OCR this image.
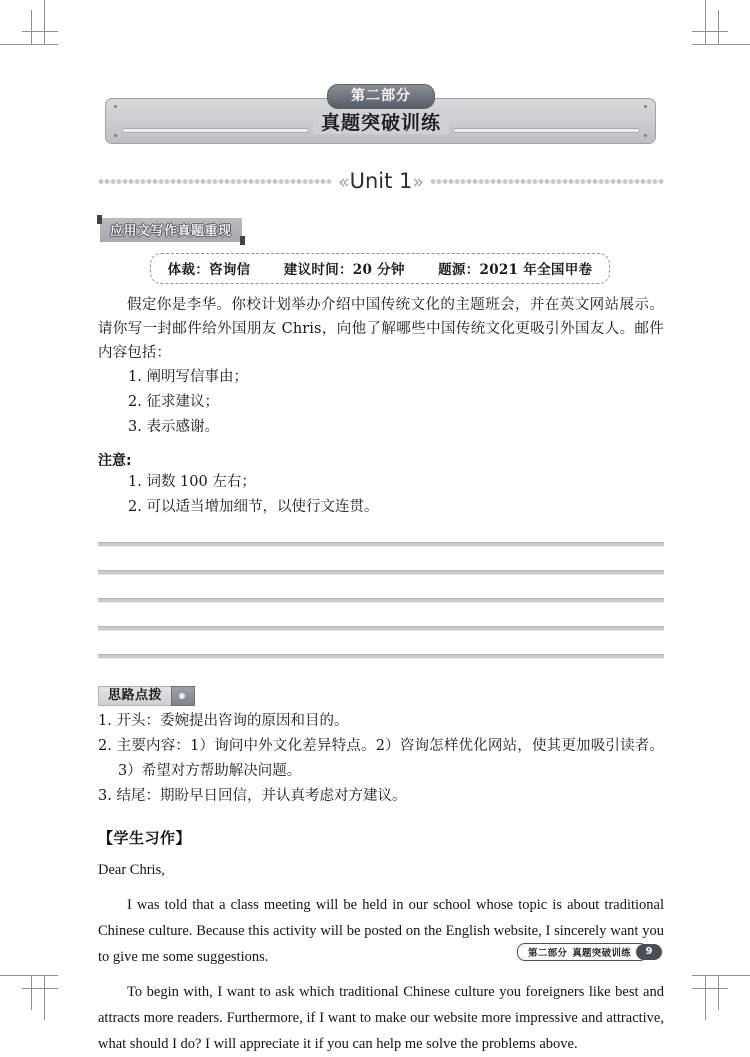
第二部分
真题突破训练
«Unit 1»
应用文写作真题重现
体裁：咨询信 建议时间：20 分钟 题源：2021 年全国甲卷
假定你是李华。你校计划举办介绍中国传统文化的主题班会，并在英文网站展示。请你写一封邮件给外国朋友 Chris，向他了解哪些中国传统文化更吸引外国友人。邮件内容包括：
1. 阐明写信事由；
2. 征求建议；
3. 表示感谢。
注意:
1. 词数 100 左右；
2. 可以适当增加细节，以使行文连贯。
思路点拨
1. 开头：委婉提出咨询的原因和目的。
2. 主要内容：1）询问中外文化差异特点。2）咨询怎样优化网站，使其更加吸引读者。3）希望对方帮助解决问题。
3. 结尾：期盼早日回信，并认真考虑对方建议。
【学生习作】
Dear Chris,
I was told that a class meeting will be held in our school whose topic is about traditional Chinese culture. Because this activity will be posted on the English website, I sincerely want you to give me some suggestions.
To begin with, I want to ask which traditional Chinese culture you foreigners like best and attracts more readers. Furthermore, if I want to make our website more impressive and attractive, what should I do? I will appreciate it if you can help me solve the problems above.
第二部分 真题突破训练	9
